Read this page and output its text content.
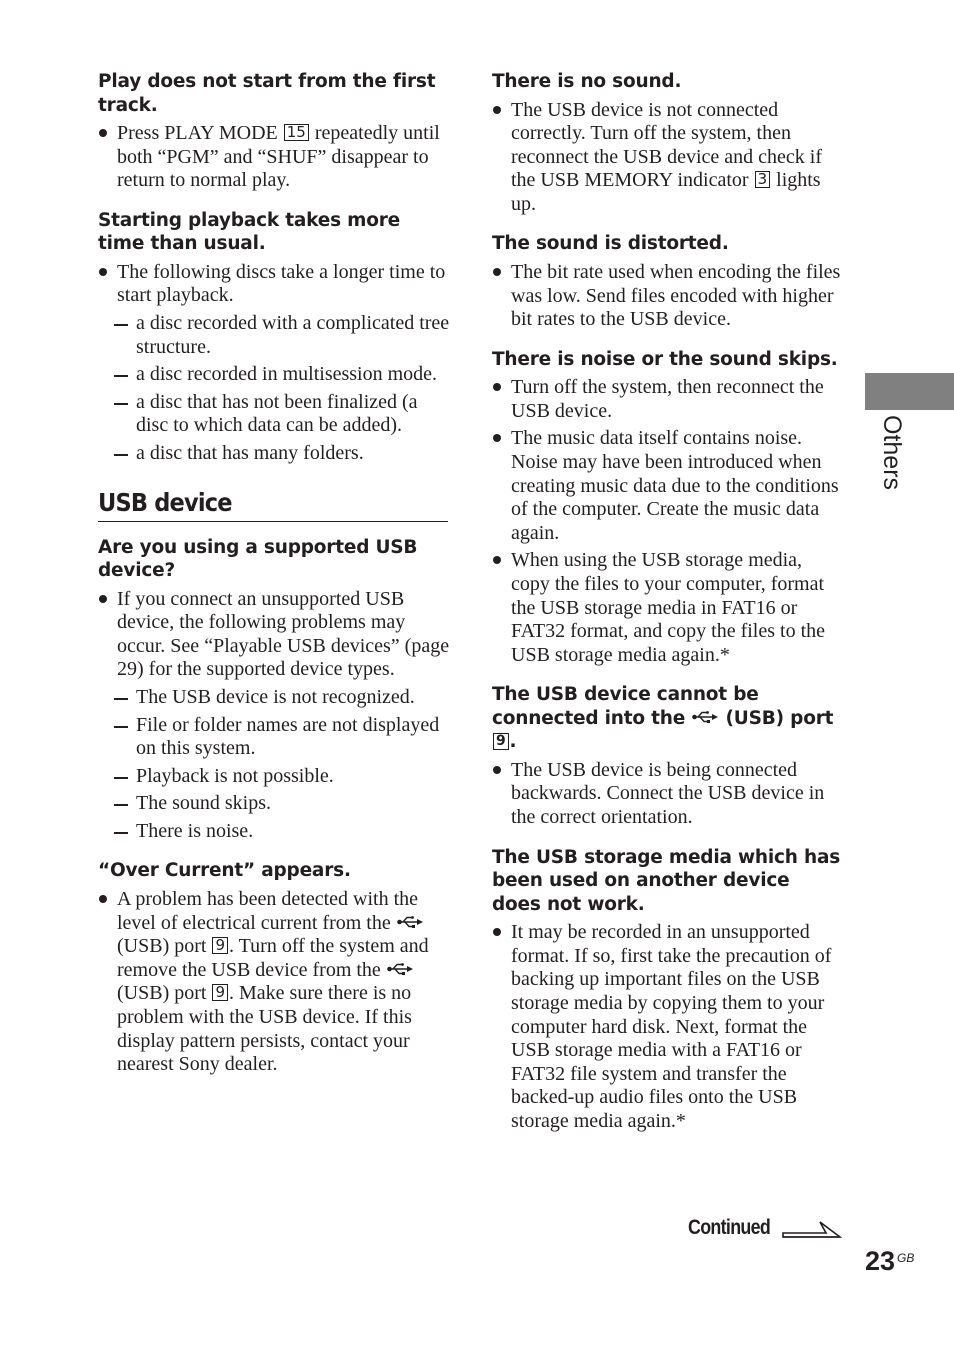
Play does not start from the first track.
Press PLAY MODE 15 repeatedly until both “PGM” and “SHUF” disappear to return to normal play.
Starting playback takes more time than usual.
The following discs take a longer time to start playback.
a disc recorded with a complicated tree structure.
a disc recorded in multisession mode.
a disc that has not been finalized (a disc to which data can be added).
a disc that has many folders.
USB device
Are you using a supported USB device?
If you connect an unsupported USB device, the following problems may occur. See “Playable USB devices” (page 29) for the supported device types.
The USB device is not recognized.
File or folder names are not displayed on this system.
Playback is not possible.
The sound skips.
There is noise.
“Over Current” appears.
A problem has been detected with the level of electrical current from the  (USB) port 9 . Turn off the system and remove the USB device from the  (USB) port 9 . Make sure there is no problem with the USB device. If this display pattern persists, contact your nearest Sony dealer.
There is no sound.
The USB device is not connected correctly. Turn off the system, then reconnect the USB device and check if the USB MEMORY indicator 3 lights up.
The sound is distorted.
The bit rate used when encoding the files was low. Send files encoded with higher bit rates to the USB device.
There is noise or the sound skips.
Turn off the system, then reconnect the USB device.
The music data itself contains noise. Noise may have been introduced when creating music data due to the conditions of the computer. Create the music data again.
When using the USB storage media, copy the files to your computer, format the USB storage media in FAT16 or FAT32 format, and copy the files to the USB storage media again.*
The USB device cannot be connected into the  (USB) port 9 .
The USB device is being connected backwards. Connect the USB device in the correct orientation.
The USB storage media which has been used on another device does not work.
It may be recorded in an unsupported format. If so, first take the precaution of backing up important files on the USB storage media by copying them to your computer hard disk. Next, format the USB storage media with a FAT16 or FAT32 file system and transfer the backed-up audio files onto the USB storage media again.*
Others
Continued
23 GB
